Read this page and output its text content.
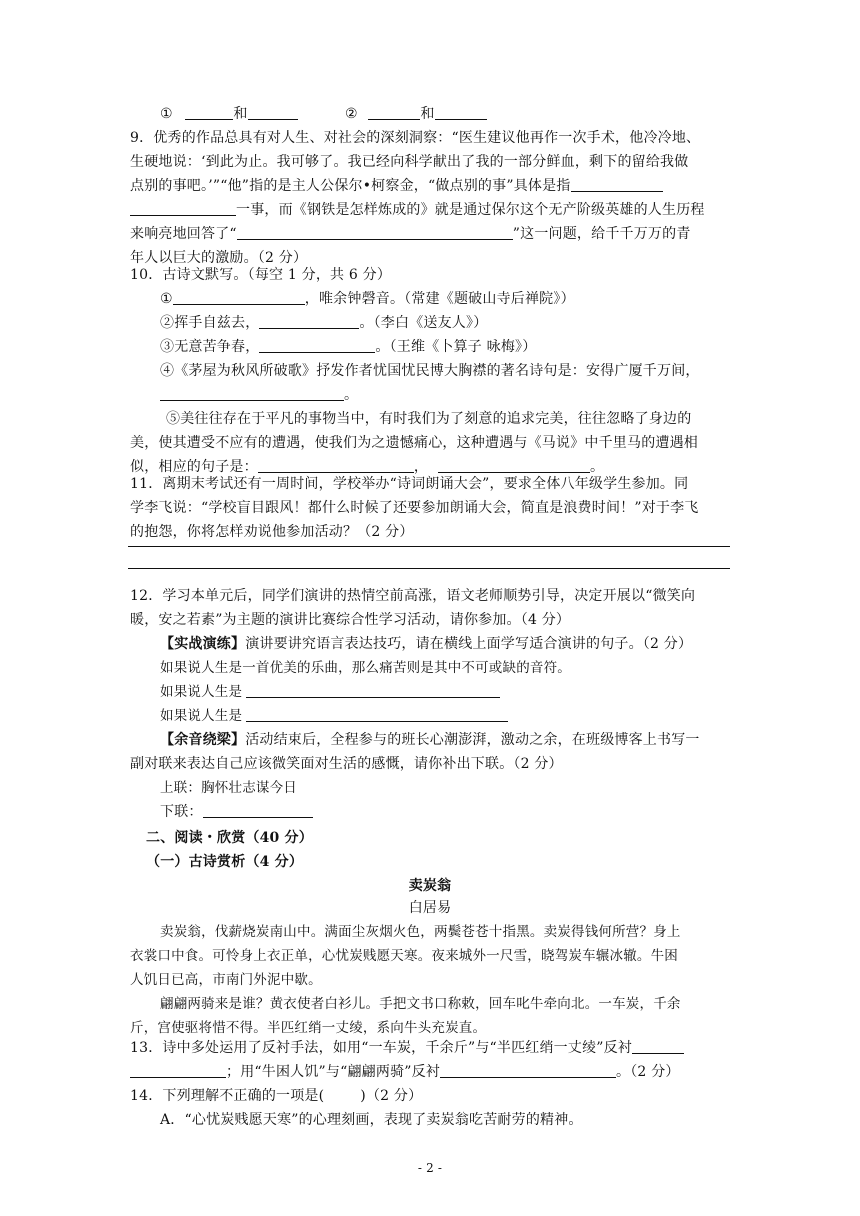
①	和	②	和
9．优秀的作品总具有对人生、对社会的深刻洞察：“医生建议他再作一次手术，他冷冷地、
生硬地说：‘到此为止。我可够了。我已经向科学献出了我的一部分鲜血，剩下的留给我做
点别的事吧。’”“他”指的是主人公保尔•柯察金，“做点别的事”具体是指
一事，而《钢铁是怎样炼成的》就是通过保尔这个无产阶级英雄的人生历程
来响亮地回答了“	”这一问题，给千千万万的青
年人以巨大的激励。（2 分）
10．古诗文默写。（每空 1 分，共 6 分）
①	，唯余钟磬音。（常建《题破山寺后禅院》）
②挥手自兹去，	。（李白《送友人》）
③无意苦争春，	。（王维《卜算子 咏梅》）
④《茅屋为秋风所破歌》抒发作者忧国忧民博大胸襟的著名诗句是：安得广厦千万间，
。
⑤美往往存在于平凡的事物当中，有时我们为了刻意的追求完美，往往忽略了身边的
美，使其遭受不应有的遭遇，使我们为之遗憾痛心，这种遭遇与《马说》中千里马的遭遇相
似，相应的句子是：	，	。
11．离期末考试还有一周时间，学校举办“诗词朗诵大会”，要求全体八年级学生参加。同
学李飞说：“学校盲目跟风！都什么时候了还要参加朗诵大会，简直是浪费时间！”对于李飞
的抱怨，你将怎样劝说他参加活动？（2 分）
12．学习本单元后，同学们演讲的热情空前高涨，语文老师顺势引导，决定开展以“微笑向
暖，安之若素”为主题的演讲比赛综合性学习活动，请你参加。（4 分）
【实战演练】演讲要讲究语言表达技巧，请在横线上面学写适合演讲的句子。（2 分）
如果说人生是一首优美的乐曲，那么痛苦则是其中不可或缺的音符。
如果说人生是
如果说人生是
【余音绕梁】活动结束后，全程参与的班长心潮澎湃，激动之余，在班级博客上书写一
副对联来表达自己应该微笑面对生活的感慨，请你补出下联。（2 分）
上联：胸怀壮志谋今日
下联：
二、阅读・欣赏（40 分）
（一）古诗赏析（4 分）
卖炭翁
白居易
卖炭翁，伐薪烧炭南山中。满面尘灰烟火色，两鬓苍苍十指黑。卖炭得钱何所营？身上
衣裳口中食。可怜身上衣正单，心忧炭贱愿天寒。夜来城外一尺雪，晓驾炭车辗冰辙。牛困
人饥日已高，市南门外泥中歇。
翩翩两骑来是谁？黄衣使者白衫儿。手把文书口称敕，回车叱牛牵向北。一车炭，千余
斤，宫使驱将惜不得。半匹红绡一丈绫，系向牛头充炭直。
13．诗中多处运用了反衬手法，如用“一车炭，千余斤”与“半匹红绡一丈绫”反衬
；用“牛困人饥”与“翩翩两骑”反衬	。（2 分）
14．下列理解不正确的一项是(	)（2 分）
A．“心忧炭贱愿天寒”的心理刻画，表现了卖炭翁吃苦耐劳的精神。
- 2 -
